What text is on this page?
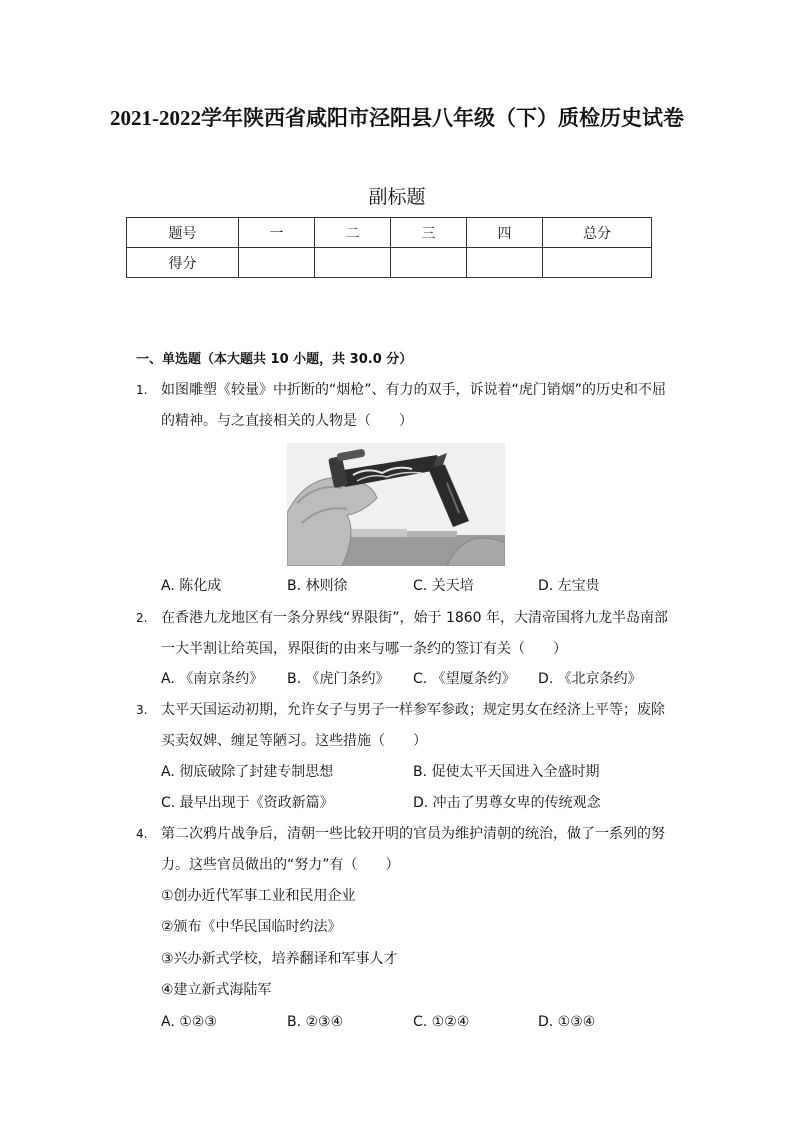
2021-2022学年陕西省咸阳市泾阳县八年级（下）质检历史试卷
副标题
题号	一	二	三	四	总分
得分					
一、单选题（本大题共 10 小题，共 30.0 分）
1. 如图雕塑《较量》中折断的“烟枪”、有力的双手，诉说着“虎门销烟”的历史和不屈的精神。与之直接相关的人物是（　　）
A. 陈化成	B. 林则徐	C. 关天培	D. 左宝贵
2. 在香港九龙地区有一条分界线“界限街”，始于 1860 年，大清帝国将九龙半岛南部一大半割让给英国，界限街的由来与哪一条约的签订有关（　　）
A. 《南京条约》 B. 《虎门条约》 C. 《望厦条约》 D. 《北京条约》
3. 太平天国运动初期，允许女子与男子一样参军参政；规定男女在经济上平等；废除买卖奴婢、缠足等陋习。这些措施（　　）
A. 彻底破除了封建专制思想	B. 促使太平天国进入全盛时期
C. 最早出现于《资政新篇》	D. 冲击了男尊女卑的传统观念
4. 第二次鸦片战争后，清朝一些比较开明的官员为维护清朝的统治，做了一系列的努力。这些官员做出的“努力”有（　　）
①创办近代军事工业和民用企业
②颁布《中华民国临时约法》
③兴办新式学校，培养翻译和军事人才
④建立新式海陆军
A. ①②③	B. ②③④	C. ①②④	D. ①③④
